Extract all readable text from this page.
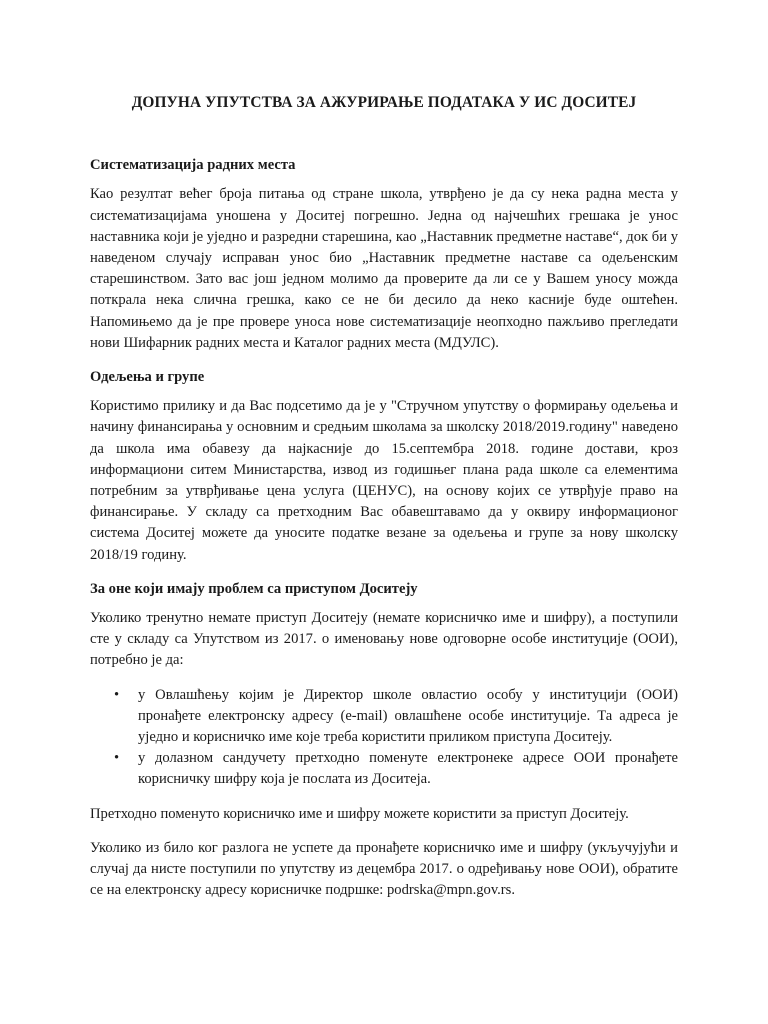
ДОПУНА УПУТСТВА ЗА АЖУРИРАЊЕ ПОДАТАКА У ИС ДОСИТЕЈ
Систематизација радних места

Као резултат већег броја питања од стране школа, утврђено је да су нека радна места у систематизацијама уношена у Доситеј погрешно. Једна од најчешћих грешака је унос наставника који је уједно и разредни старешина, као „Наставник предметне наставе“, док би у наведеном случају исправан унос био „Наставник предметне наставе са одељенским старешинством. Зато вас још једном молимо да проверите да ли се у Вашем уносу можда поткрала нека слична грешка, како се не би десило да неко касније буде оштећен. Напомињемо да је пре провере уноса нове систематизације неопходно пажљиво прегледати нови Шифарник радних места и Каталог радних места (МДУЛС).

Одељења и групе

Користимо прилику и да Вас подсетимо да је у "Стручном упутству о формирању одељења и начину финансирања у основним и средњим школама за школску 2018/2019.годину" наведено да школа има обавезу да најкасније до 15.септембра 2018. године достави, кроз информациони ситем Министарства, извод из годишњег плана рада школе са елементима потребним за утврђивање цена услуга (ЦЕНУС), на основу којих се утврђује право на финансирање. У складу са претходним Вас обавештавамо да у оквиру информационог система Доситеј можете да уносите податке везане за одељења и групе за нову школску 2018/19 годину.

За оне који имају проблем са приступом Доситеју

Уколико тренутно немате приступ Доситеју (немате корисничко име и шифру), а поступили сте у складу са Упутством из 2017. о именовању нове одговорне особе институције (ООИ), потребно је да:

• у Овлашћењу којим је Директор школе овластио особу у институцији (ООИ) пронађете електронску адресу (e-mail) овлашћене особе институције. Та адреса је уједно и корисничко име које треба користити приликом приступа Доситеју.
• у долазном сандучету претходно поменуте електронеке адресе ООИ пронађете корисничку шифру која је послата из Доситеја.

Претходно поменуто корисничко име и шифру можете користити за приступ Доситеју.

Уколико из било ког разлога не успете да пронађете корисничко име и шифру (укључујући и случај да нисте поступили по упутству из децембра 2017. о одређивању нове ООИ), обратите се на електронску адресу корисничке подршке: podrska@mpn.gov.rs.
